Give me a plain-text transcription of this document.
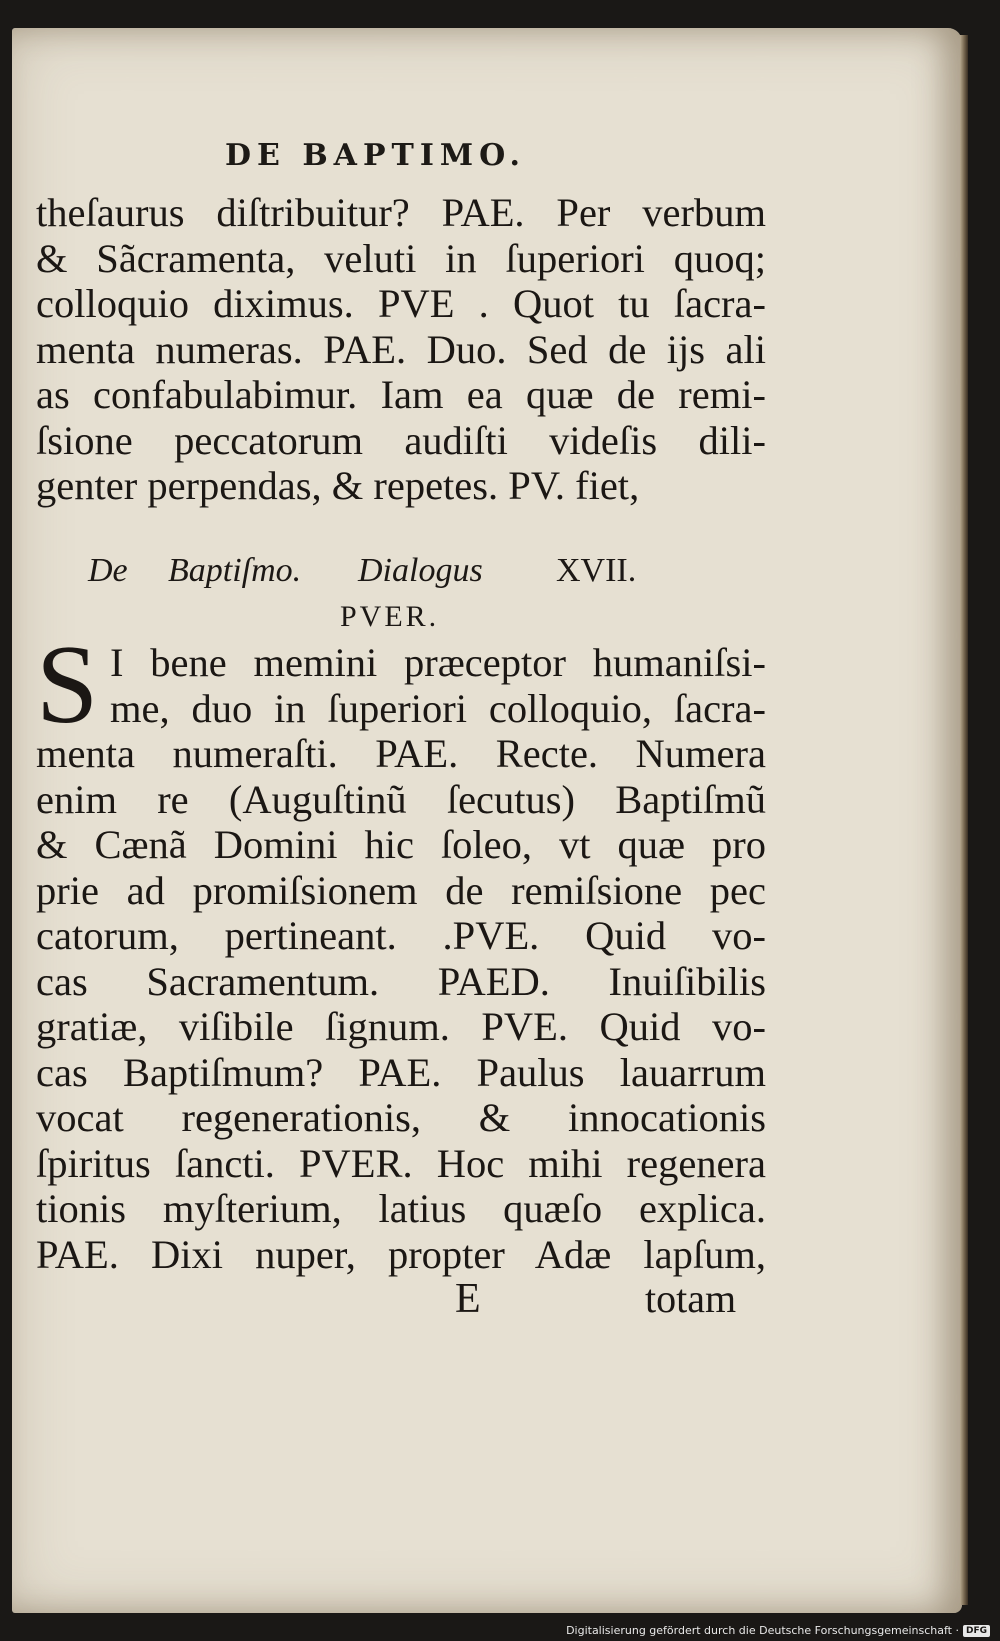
DE BAPTIMO.
theſaurus diſtribuitur? PAE. Per verbum
& Sãcramenta, veluti in ſuperiori quoq;
colloquio diximus. PVE . Quot tu ſacra-
menta numeras. PAE. Duo. Sed de ijs ali
as confabulabimur. Iam ea quæ de remi-
ſsione peccatorum audiſti videſis dili-
genter perpendas, & repetes. PV. fiet,
De Baptiſmo. Dialogus XVII.
PVER.
S I bene memini præceptor humaniſsi-
me, duo in ſuperiori colloquio, ſacra-
menta numeraſti. PAE. Recte. Numera
enim re (Auguſtinũ ſecutus) Baptiſmũ
& Cænã Domini hic ſoleo, vt quæ pro
prie ad promiſsionem de remiſsione pec
catorum, pertineant. .PVE. Quid vo-
cas Sacramentum. PAED. Inuiſibilis
gratiæ, viſibile ſignum. PVE. Quid vo-
cas Baptiſmum? PAE. Paulus lauarrum
vocat regenerationis, & innocationis
ſpiritus ſancti. PVER. Hoc mihi regenera
tionis myſterium, latius quæſo explica.
PAE. Dixi nuper, propter Adæ lapſum,
E	totam
Digitalisierung gefördert durch die Deutsche Forschungsgemeinschaft · DFG
